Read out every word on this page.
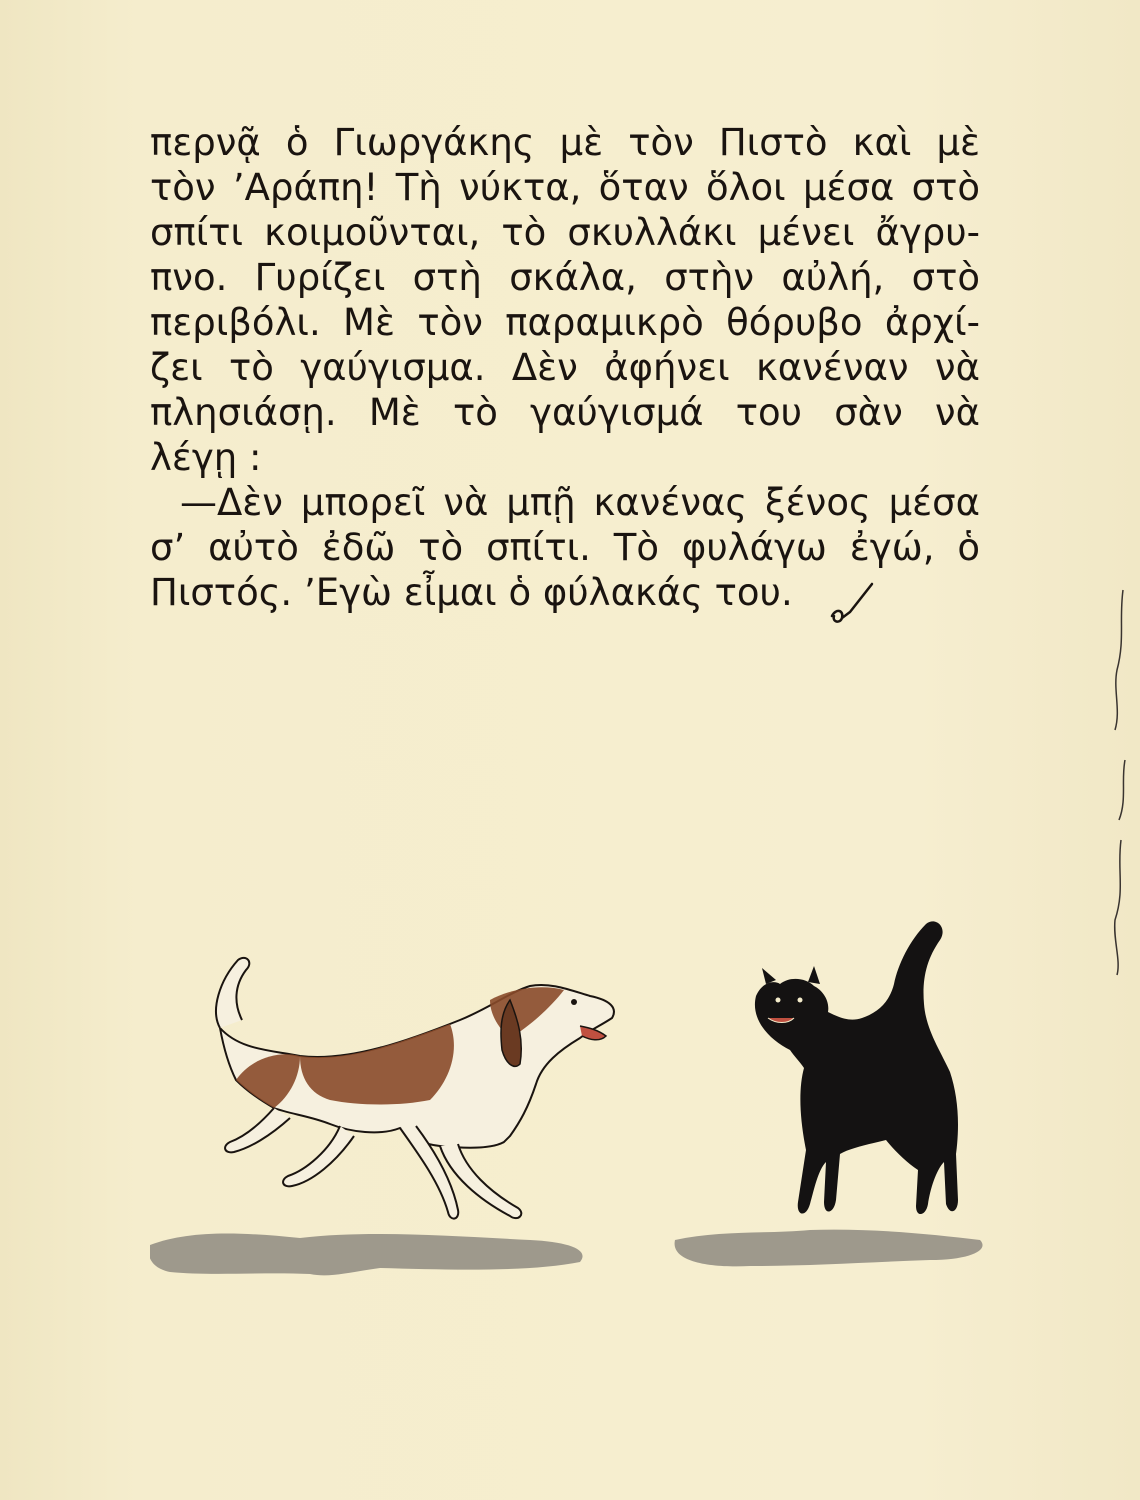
περνᾷ ὁ Γιωργάκης μὲ τὸν Πιστὸ καὶ μὲ
τὸν ’Αράπη! Τὴ νύκτα, ὅταν ὅλοι μέσα στὸ
σπίτι κοιμοῦνται, τὸ σκυλλάκι μένει ἄγρυ-
πνο. Γυρίζει στὴ σκάλα, στὴν αὐλή, στὸ
περιβόλι. Μὲ τὸν παραμικρὸ θόρυβο ἀρχί-
ζει τὸ γαύγισμα. Δὲν ἀφήνει κανέναν νὰ
πλησιάσῃ. Μὲ τὸ γαύγισμά του σὰν νὰ
λέγῃ :
—Δὲν μπορεῖ νὰ μπῇ κανένας ξένος μέσα
σ’ αὐτὸ ἐδῶ τὸ σπίτι. Τὸ φυλάγω ἐγώ, ὁ
Πιστός. ’Εγὼ εἶμαι ὁ φύλακάς του.
